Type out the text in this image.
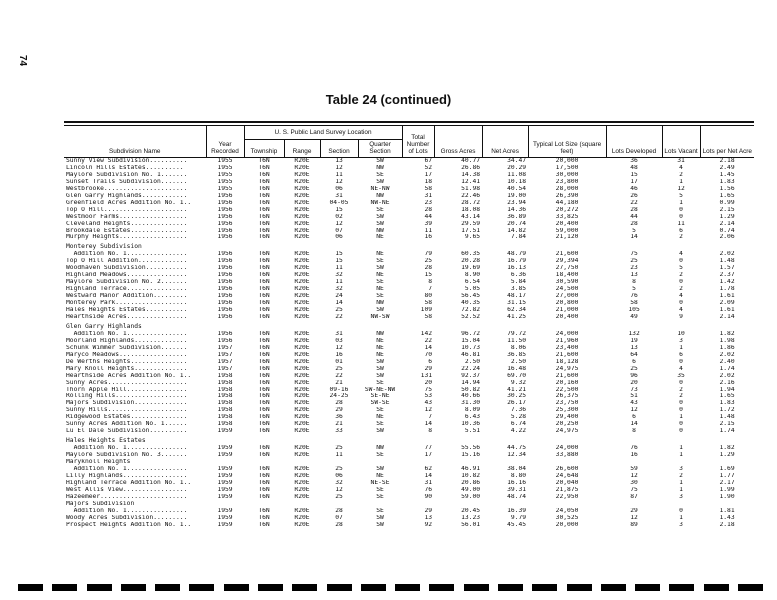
74
Table 24 (continued)
Subdivision Name	Year Recorded	U. S. Public Land Survey Location				Total Number of Lots	Gross Acres	Net Acres	Typical Lot Size (square feet)	Lots Developed	Lots Vacant	Lots per Net Acre
		Township	Range	Section	Quarter Section							
Sunny View Subdivision..........	1955	T6N	R20E	13	SW	67	40.77	34.47	20,000	36	31	2.18
Lincoln Hills Estates..........	1955	T6N	R20E	12	NW	52	26.86	20.29	17,500	48	4	2.49
Maylore Subdivision No. 1.......	1955	T6N	R20E	11	SE	17	14.38	11.08	30,000	15	2	1.45
Sunset Trails Subdivision.......	1955	T6N	R20E	12	SW	18	12.41	10.18	23,800	17	1	1.83
Westbrooke......................	1955	T6N	R20E	06	NE-NW	58	51.98	40.54	28,000	46	12	1.56
Glen Garry Highlands............	1956	T6N	R20E	31	NW	31	22.46	19.00	26,390	26	5	1.65
Greenfield Acres Addition No. 1..	1956	T6N	R20E	04-05	NW-NE	23	28.72	23.94	44,180	22	1	0.99
Top O Hill......................	1956	T6N	R20E	15	SE	28	18.08	14.36	20,272	28	0	2.15
Westmoor Farms..................	1956	T6N	R20E	02	SW	44	43.14	36.89	33,825	44	0	1.29
Cleveland Heights...............	1956	T6N	R20E	12	SW	39	29.59	20.74	20,400	28	11	2.14
Brookdale Estates...............	1956	T6N	R20E	07	NW	11	17.51	14.82	59,000	5	6	0.74
Murphy Heights..................	1956	T6N	R20E	06	NE	16	9.65	7.84	21,120	14	2	2.06
Monterey Subdivision												
Addition No. 1................	1956	T6N	R20E	15	NE	79	60.35	48.79	21,600	75	4	2.02
Top O Hill Addition.............	1956	T6N	R20E	15	SE	25	20.28	16.79	29,394	25	0	1.48
Woodhaven Subdivision...........	1956	T6N	R20E	11	SW	28	19.69	16.13	27,750	23	5	1.57
Highland Meadows................	1956	T6N	R20E	32	NE	15	8.90	6.36	18,400	13	2	2.37
Maylore Subdivision No. 2.......	1956	T6N	R20E	11	SE	8	6.54	5.84	30,590	8	0	1.42
Highland Terrace................	1956	T6N	R20E	32	NE	7	5.05	3.85	24,500	5	2	1.78
Westward Manor Addition.........	1956	T6N	R20E	24	SE	80	56.45	48.17	27,000	76	4	1.61
Monterey Park...................	1956	T6N	R20E	14	NW	58	40.35	31.15	20,800	58	0	2.09
Hales Heights Estates...........	1956	T6N	R20E	25	SW	109	72.82	62.34	21,000	105	4	1.61
Hearthside Acres................	1956	T6N	R20E	22	NW-SW	58	52.52	41.25	20,400	49	9	2.14
Glen Garry Highlands												
Addition No. 1................	1956	T6N	R20E	31	NW	142	96.72	79.72	24,000	132	10	1.82
Moorland Highlands..............	1956	T6N	R20E	03	NE	22	15.04	11.50	21,960	19	3	1.98
Schunk Wimmer Subdivision.......	1957	T6N	R20E	12	NE	14	10.73	8.06	23,400	13	1	1.86
Maryco Meadows..................	1957	T6N	R20E	16	NE	70	46.81	36.85	21,600	64	6	2.02
De Werths Heights...............	1957	T6N	R20E	01	SW	6	2.50	2.50	18,128	6	0	2.40
Mary Knoll Heights..............	1957	T6N	R20E	25	SW	29	22.24	16.48	24,975	25	4	1.74
Hearthside Acres Addition No. 1..	1958	T6N	R20E	22	SW	131	92.37	69.70	21,600	96	35	2.02
Sunny Acres.....................	1958	T6N	R20E	21	SE	20	14.94	9.32	20,160	20	0	2.16
Thorn Apple Hill................	1958	T6N	R20E	09-16	SW-NE-NW	75	50.82	41.21	22,500	73	2	1.94
Rolling Hills...................	1958	T6N	R20E	24-25	SE-NE	53	40.66	30.25	26,375	51	2	1.65
Majors Subdivision..............	1958	T6N	R20E	28	SW-SE	43	31.30	26.17	23,750	43	0	1.83
Sunny Hills.....................	1958	T6N	R20E	29	SE	12	8.09	7.36	25,300	12	0	1.72
Ridgewood Estates...............	1958	T6N	R20E	36	NE	7	6.43	5.28	29,400	6	1	1.48
Sunny Acres Addition No. 1......	1958	T6N	R20E	21	SE	14	10.36	6.74	20,250	14	0	2.15
Lu El Dale Subdivision..........	1959	T6N	R20E	33	SW	8	5.51	4.22	24,975	8	0	1.74
Hales Heights Estates												
Addition No. 1................	1959	T6N	R20E	25	NW	77	55.56	44.75	24,000	76	1	1.82
Maylore Subdivision No. 3.......	1959	T6N	R20E	11	SE	17	15.16	12.34	33,880	16	1	1.29
Maryknoll Heights												
Addition No. 1................	1959	T6N	R20E	25	SW	62	46.91	38.04	26,600	59	3	1.69
Lilly Highlands.................	1959	T6N	R20E	06	NE	14	10.82	8.80	24,648	12	2	1.77
Highland Terrace Addition No. 1..	1959	T6N	R20E	32	NE-SE	31	20.86	16.16	20,040	30	1	2.17
West Allis View.................	1959	T6N	R20E	12	SE	76	49.00	39.31	21,875	75	1	1.99
Hazeemeer.......................	1959	T6N	R20E	25	SE	90	59.00	48.74	22,950	87	3	1.90
Majors Subdivision												
Addition No. 1................	1959	T6N	R20E	28	SE	29	20.45	16.39	24,050	29	0	1.81
Woody Acres Subdivision.........	1959	T6N	R20E	07	SW	13	13.23	9.79	30,525	12	1	1.43
Prospect Heights Addition No. 1..	1959	T6N	R20E	28	SW	92	56.01	45.45	20,000	89	3	2.18
